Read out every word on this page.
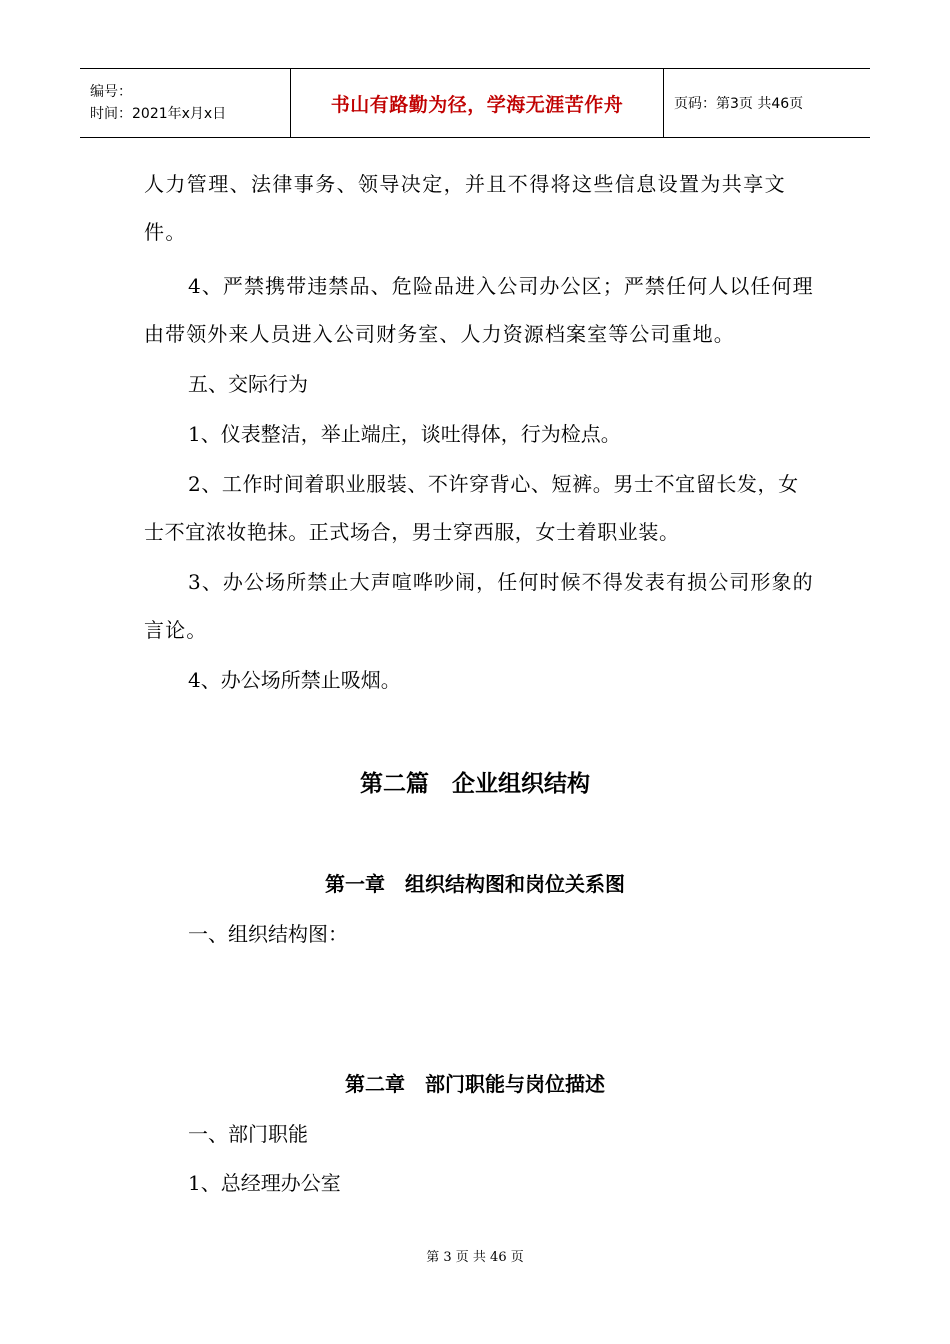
编号：
时间：2021年x月x日	书山有路勤为径，学海无涯苦作舟	页码：第3页 共46页

人力管理、法律事务、领导决定，并且不得将这些信息设置为共享文件。

4、严禁携带违禁品、危险品进入公司办公区；严禁任何人以任何理由带领外来人员进入公司财务室、人力资源档案室等公司重地。

五、交际行为

1、仪表整洁，举止端庄，谈吐得体，行为检点。

2、工作时间着职业服装、不许穿背心、短裤。男士不宜留长发，女士不宜浓妆艳抹。正式场合，男士穿西服，女士着职业装。

3、办公场所禁止大声喧哗吵闹，任何时候不得发表有损公司形象的言论。

4、办公场所禁止吸烟。

第二篇　企业组织结构
第一章　组织结构图和岗位关系图
一、组织结构图：
第二章　部门职能与岗位描述
一、部门职能
1、总经理办公室
第 3 页 共 46 页
